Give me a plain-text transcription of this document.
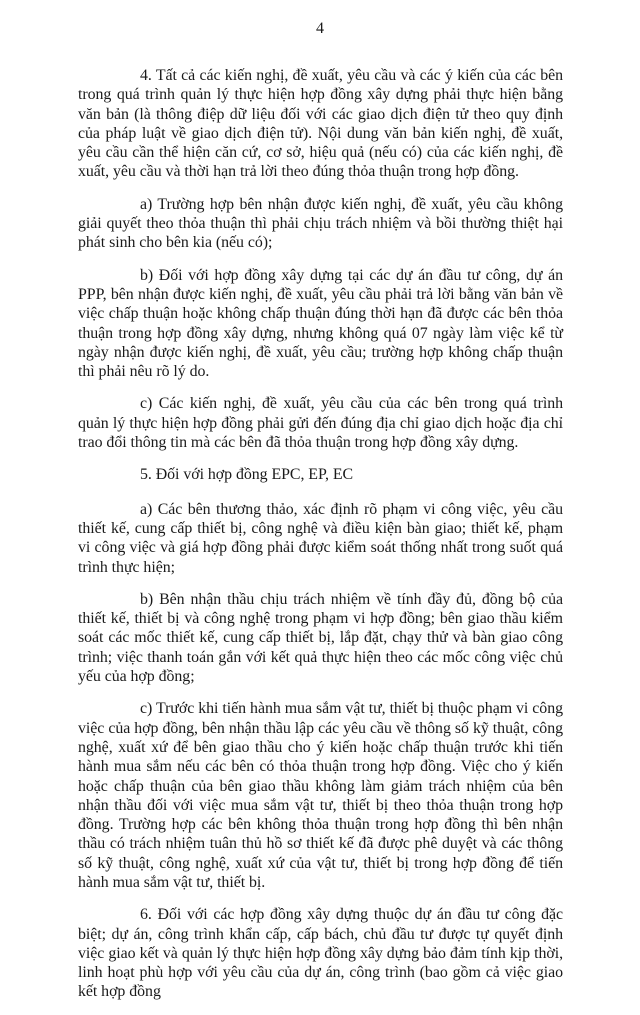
4

4. Tất cả các kiến nghị, đề xuất, yêu cầu và các ý kiến của các bên trong quá trình quản lý thực hiện hợp đồng xây dựng phải thực hiện bằng văn bản (là thông điệp dữ liệu đối với các giao dịch điện tử theo quy định của pháp luật về giao dịch điện tử). Nội dung văn bản kiến nghị, đề xuất, yêu cầu cần thể hiện căn cứ, cơ sở, hiệu quả (nếu có) của các kiến nghị, đề xuất, yêu cầu và thời hạn trả lời theo đúng thỏa thuận trong hợp đồng.

a) Trường hợp bên nhận được kiến nghị, đề xuất, yêu cầu không giải quyết theo thỏa thuận thì phải chịu trách nhiệm và bồi thường thiệt hại phát sinh cho bên kia (nếu có);

b) Đối với hợp đồng xây dựng tại các dự án đầu tư công, dự án PPP, bên nhận được kiến nghị, đề xuất, yêu cầu phải trả lời bằng văn bản về việc chấp thuận hoặc không chấp thuận đúng thời hạn đã được các bên thỏa thuận trong hợp đồng xây dựng, nhưng không quá 07 ngày làm việc kể từ ngày nhận được kiến nghị, đề xuất, yêu cầu; trường hợp không chấp thuận thì phải nêu rõ lý do.

c) Các kiến nghị, đề xuất, yêu cầu của các bên trong quá trình quản lý thực hiện hợp đồng phải gửi đến đúng địa chỉ giao dịch hoặc địa chỉ trao đổi thông tin mà các bên đã thỏa thuận trong hợp đồng xây dựng.

5. Đối với hợp đồng EPC, EP, EC

a) Các bên thương thảo, xác định rõ phạm vi công việc, yêu cầu thiết kế, cung cấp thiết bị, công nghệ và điều kiện bàn giao; thiết kế, phạm vi công việc và giá hợp đồng phải được kiểm soát thống nhất trong suốt quá trình thực hiện;

b) Bên nhận thầu chịu trách nhiệm về tính đầy đủ, đồng bộ của thiết kế, thiết bị và công nghệ trong phạm vi hợp đồng; bên giao thầu kiểm soát các mốc thiết kế, cung cấp thiết bị, lắp đặt, chạy thử và bàn giao công trình; việc thanh toán gắn với kết quả thực hiện theo các mốc công việc chủ yếu của hợp đồng;

c) Trước khi tiến hành mua sắm vật tư, thiết bị thuộc phạm vi công việc của hợp đồng, bên nhận thầu lập các yêu cầu về thông số kỹ thuật, công nghệ, xuất xứ để bên giao thầu cho ý kiến hoặc chấp thuận trước khi tiến hành mua sắm nếu các bên có thỏa thuận trong hợp đồng. Việc cho ý kiến hoặc chấp thuận của bên giao thầu không làm giảm trách nhiệm của bên nhận thầu đối với việc mua sắm vật tư, thiết bị theo thỏa thuận trong hợp đồng. Trường hợp các bên không thỏa thuận trong hợp đồng thì bên nhận thầu có trách nhiệm tuân thủ hồ sơ thiết kế đã được phê duyệt và các thông số kỹ thuật, công nghệ, xuất xứ của vật tư, thiết bị trong hợp đồng để tiến hành mua sắm vật tư, thiết bị.

6. Đối với các hợp đồng xây dựng thuộc dự án đầu tư công đặc biệt; dự án, công trình khẩn cấp, cấp bách, chủ đầu tư được tự quyết định việc giao kết và quản lý thực hiện hợp đồng xây dựng bảo đảm tính kịp thời, linh hoạt phù hợp với yêu cầu của dự án, công trình (bao gồm cả việc giao kết hợp đồng
